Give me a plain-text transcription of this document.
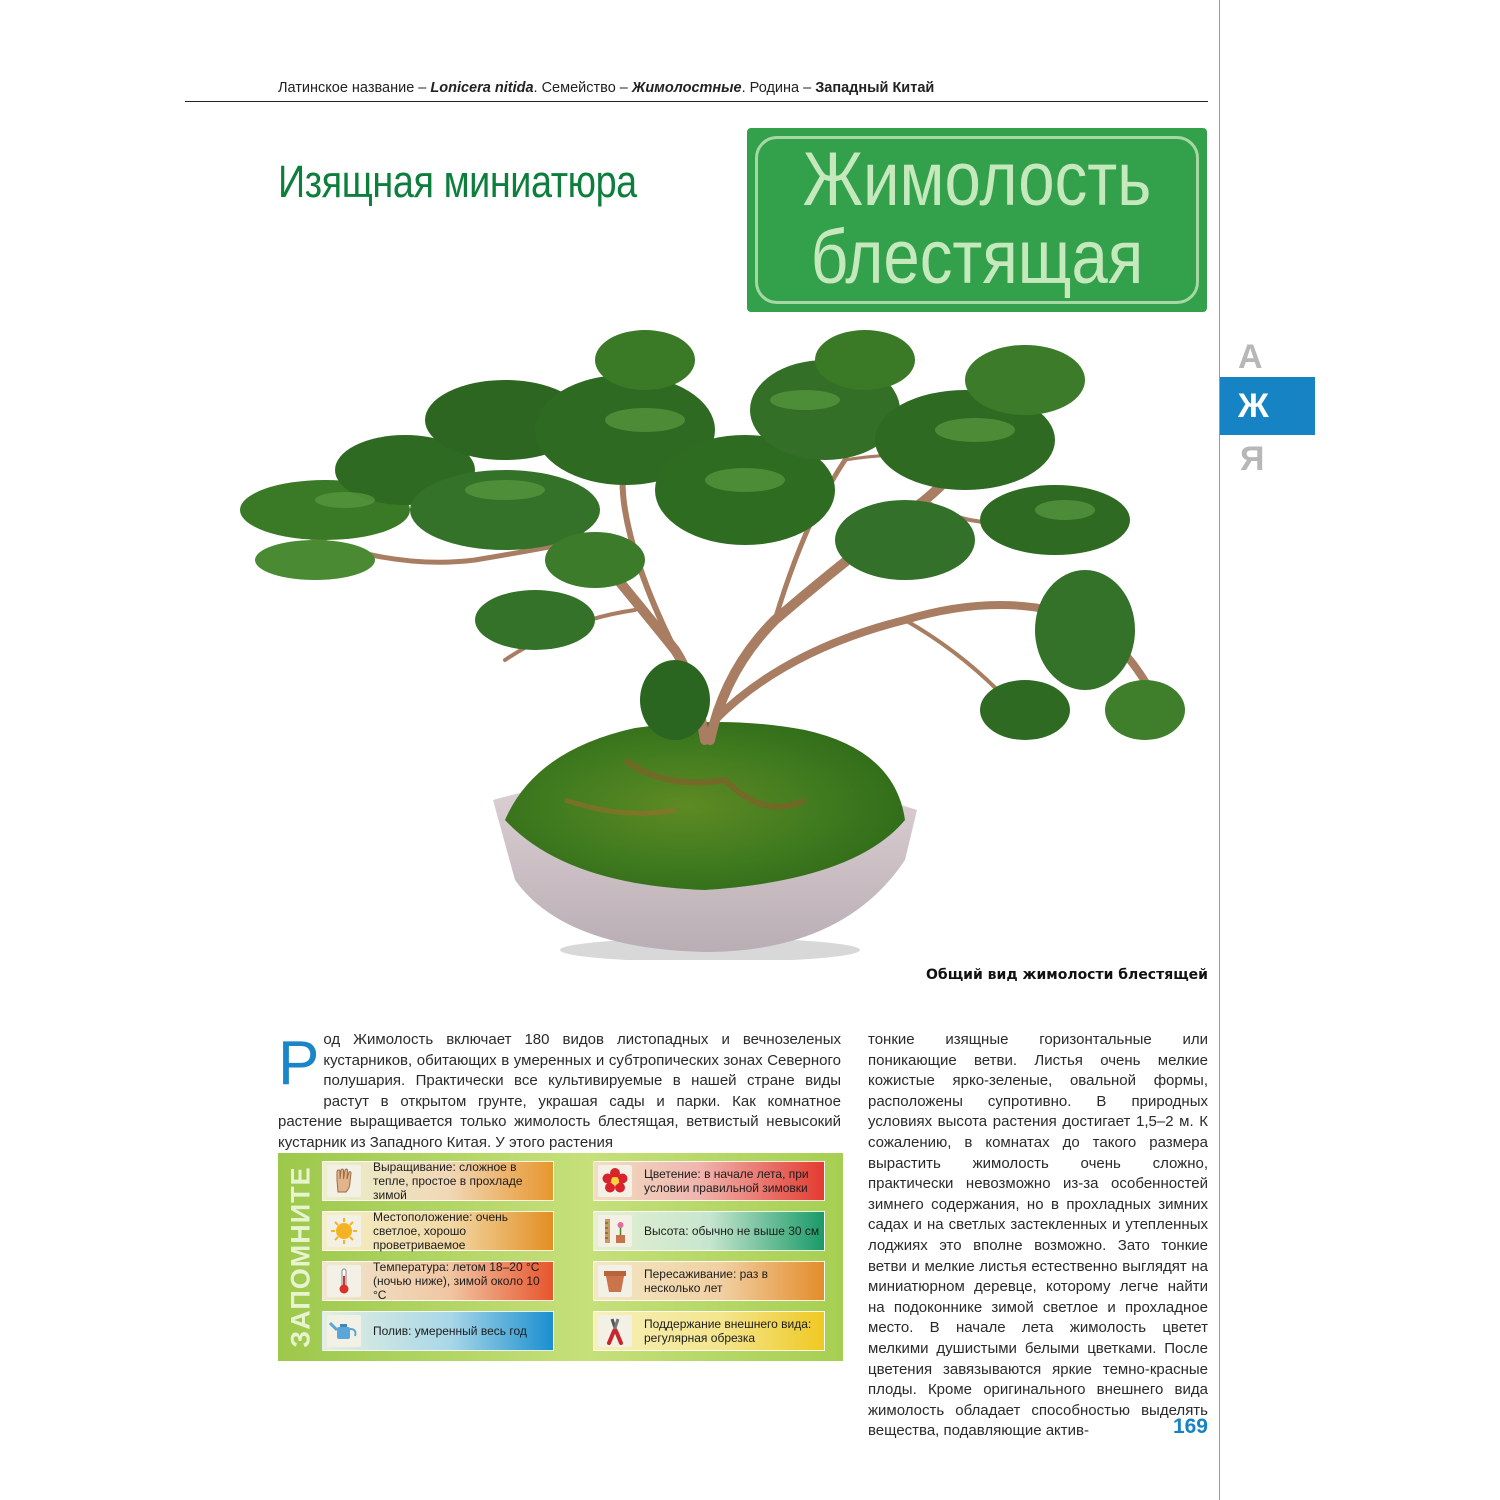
Латинское название – Lonicera nitida. Семейство – Жимолостные. Родина – Западный Китай
Изящная миниатюра	Жимолость
блестящая
А
Ж
Я
Общий вид жимолости блестящей

Род Жимолость включает 180 видов листопадных и вечнозеленых кустарников, обитающих в умеренных и субтропических зонах Северного полушария. Практически все культивируемые в нашей стране виды растут в открытом грунте, украшая сады и парки. Как комнатное растение выращивается только жимолость блестящая, ветвистый невысокий кустарник из Западного Китая. У этого растения

тонкие изящные горизонтальные или поникающие ветви. Листья очень мелкие кожистые ярко-зеленые, овальной формы, расположены супротивно. В природных условиях высота растения достигает 1,5–2 м. К сожалению, в комнатах до такого размера вырастить жимолость очень сложно, практически невозможно из-за особенностей зимнего содержания, но в прохладных зимних садах и на светлых застекленных и утепленных лоджиях это вполне возможно. Зато тонкие ветви и мелкие листья естественно выглядят на миниатюрном деревце, которому легче найти на подоконнике зимой светлое и прохладное место. В начале лета жимолость цветет мелкими душистыми белыми цветками. После цветения завязываются яркие темно-красные плоды. Кроме оригинального внешнего вида жимолость обладает способностью выделять вещества, подавляющие актив-

ЗАПОМНИТЕ	Выращивание: сложное в тепле, простое в прохладе зимой
Местоположение: очень светлое, хорошо проветриваемое
Температура: летом 18–20 °С (ночью ниже), зимой около 10 °С
Полив: умеренный весь год
Цветение: в начале лета, при условии правильной зимовки
Высота: обычно не выше 30 см
Пересаживание: раз в несколько лет
Поддержание внешнего вида: регулярная обрезка
169
